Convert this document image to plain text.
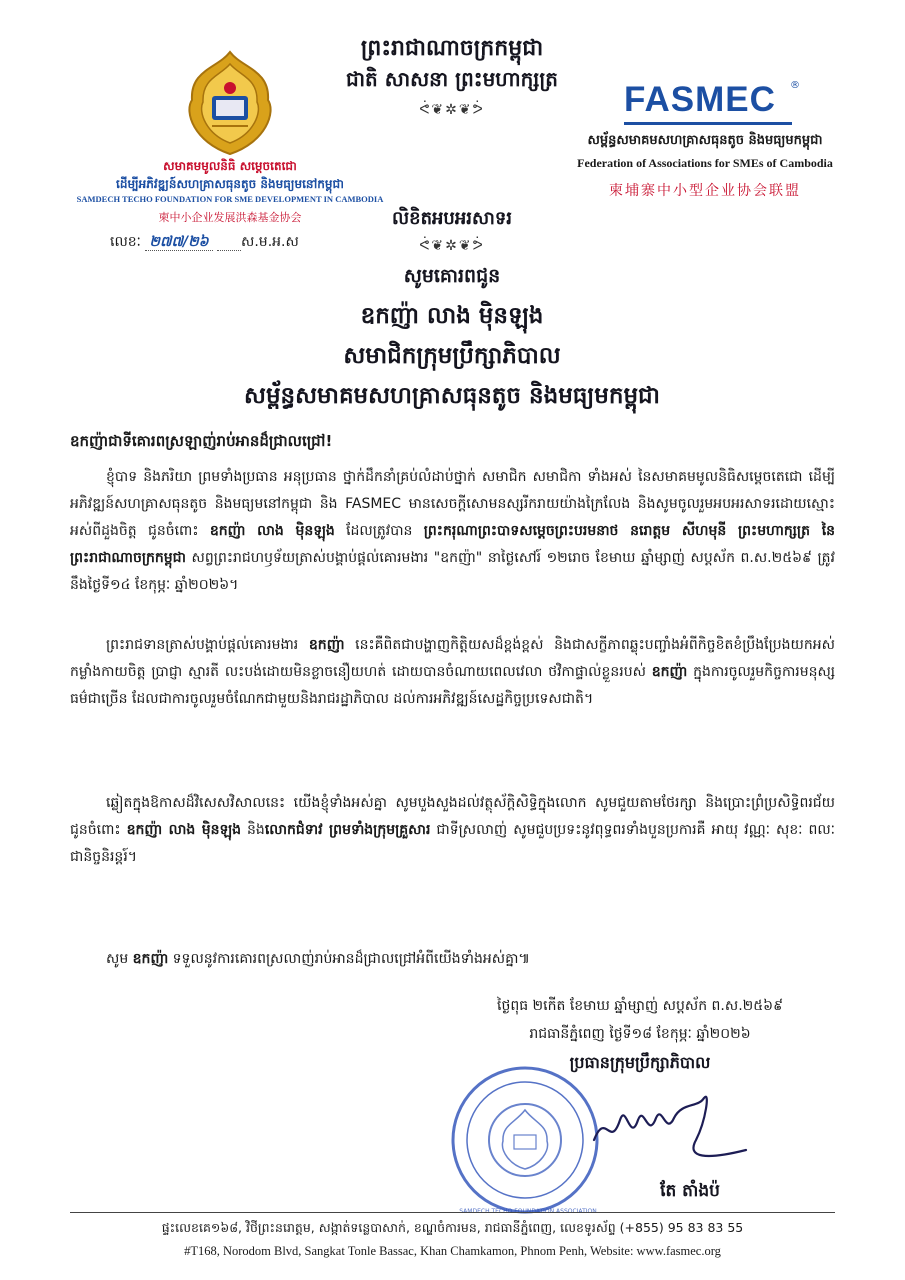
ព្រះរាជាណាចក្រកម្ពុជា
ជាតិ សាសនា ព្រះមហាក្សត្រ
ᕚ❦✲❦ᕘ
សមាគមមូលនិធិ សម្ដេចតេជោ
ដើម្បីអភិវឌ្ឍន៍សហគ្រាសធុនតូច និងមធ្យមនៅកម្ពុជា
SAMDECH TECHO FOUNDATION FOR SME DEVELOPMENT IN CAMBODIA
柬中小企业发展洪森基金协会
លេខៈ ២៧៧/២៦ ស.ម.អ.ស
FASMEC ®
សម្ព័ន្ធសមាគមសហគ្រាសធុនតូច និងមធ្យមកម្ពុជា
Federation of Associations for SMEs of Cambodia
柬埔寨中小型企业协会联盟
លិខិតអបអរសាទរ
ᕚ❦✲❦ᕘ
សូមគោរពជូន
ឧកញ៉ា លាង ម៉ិនឡុង
សមាជិកក្រុមប្រឹក្សាភិបាល
សម្ព័ន្ធសមាគមសហគ្រាសធុនតូច និងមធ្យមកម្ពុជា
ឧកញ៉ាជាទីគោរពស្រឡាញ់រាប់អានដ៏ជ្រាលជ្រៅ!
ខ្ញុំបាទ និងភរិយា ព្រមទាំងប្រធាន អនុប្រធាន ថ្នាក់ដឹកនាំគ្រប់លំដាប់ថ្នាក់ សមាជិក សមាជិកា ទាំងអស់ នៃសមាគមមូលនិធិសម្ដេចតេជោ ដើម្បីអភិវឌ្ឍន៍សហគ្រាសធុនតូច និងមធ្យមនៅកម្ពុជា និង FASMEC មានសេចក្ដីសោមនស្សរីករាយយ៉ាងក្រៃលែង និងសូមចូលរួមអបអរសាទរដោយស្មោះអស់ពីដួងចិត្ត ជូនចំពោះ ឧកញ៉ា លាង ម៉ិនឡុង ដែលត្រូវបាន ព្រះករុណាព្រះបាទសម្ដេចព្រះបរមនាថ នរោត្តម សីហមុនី ព្រះមហាក្សត្រ នៃព្រះរាជាណាចក្រកម្ពុជា សព្វព្រះរាជហឫទ័យត្រាស់បង្គាប់ផ្ដល់គោរមងារ "ឧកញ៉ា" នាថ្ងៃសៅរ៍ ១២រោច ខែមាឃ ឆ្នាំម្សាញ់ សប្តស័ក ព.ស.២៥៦៩ ត្រូវនឹងថ្ងៃទី១៤ ខែកុម្ភៈ ឆ្នាំ២០២៦។
ព្រះរាជទានត្រាស់បង្គាប់ផ្ដល់គោរមងារ ឧកញ៉ា នេះគឺពិតជាបង្ហាញកិត្តិយសដ៏ខ្ពង់ខ្ពស់ និងជាសក្ខីភាពឆ្លុះបញ្ចាំងអំពីកិច្ចខិតខំប្រឹងប្រែងយកអស់កម្លាំងកាយចិត្ត ប្រាជ្ញា ស្មារតី លះបង់ដោយមិនខ្លាចនឿយហត់ ដោយបានចំណាយពេលវេលា ថវិកាផ្ទាល់ខ្លួនរបស់ ឧកញ៉ា ក្នុងការចូលរួមកិច្ចការមនុស្សធម៌ជាច្រើន ដែលជាការចូលរួមចំណែកជាមួយនិងរាជរដ្ឋាភិបាល ដល់ការអភិវឌ្ឍន៍សេដ្ឋកិច្ចប្រទេសជាតិ។
ឆ្លៀតក្នុងឱកាសដ៏វិសេសវិសាលនេះ យើងខ្ញុំទាំងអស់គ្នា សូមបួងសួងដល់វត្ថុស័ក្តិសិទ្ធិក្នុងលោក សូមជួយតាមថែរក្សា និងប្រោះព្រំប្រសិទ្ធិពរជ័យ ជូនចំពោះ ឧកញ៉ា លាង ម៉ិនឡុង និងលោកជំទាវ ព្រមទាំងក្រុមគ្រួសារ ជាទីស្រលាញ់ សូមជួបប្រទះនូវពុទ្ធពរទាំងបួនប្រការគឺ អាយុ វណ្ណៈ សុខៈ ពលៈ ជានិច្ចនិរន្តរ៍។
សូម ឧកញ៉ា ទទួលនូវការគោរពស្រលាញ់រាប់អានដ៏ជ្រាលជ្រៅអំពីយើងទាំងអស់គ្នា៕
ថ្ងៃពុធ ២កើត ខែមាឃ ឆ្នាំម្សាញ់ សប្តស័ក ព.ស.២៥៦៩
រាជធានីភ្នំពេញ ថ្ងៃទី១៨ ខែកុម្ភៈ ឆ្នាំ២០២៦
ប្រធានក្រុមប្រឹក្សាភិបាល
តែ តាំងប៉
ផ្ទះលេខគេ១៦៨, វិថីព្រះនរោត្តម, សង្កាត់ទន្លេបាសាក់, ខណ្ឌចំការមន, រាជធានីភ្នំពេញ, លេខទូរស័ព្ទ (+855) 95 83 83 55
#T168, Norodom Blvd, Sangkat Tonle Bassac, Khan Chamkamon, Phnom Penh, Website: www.fasmec.org
